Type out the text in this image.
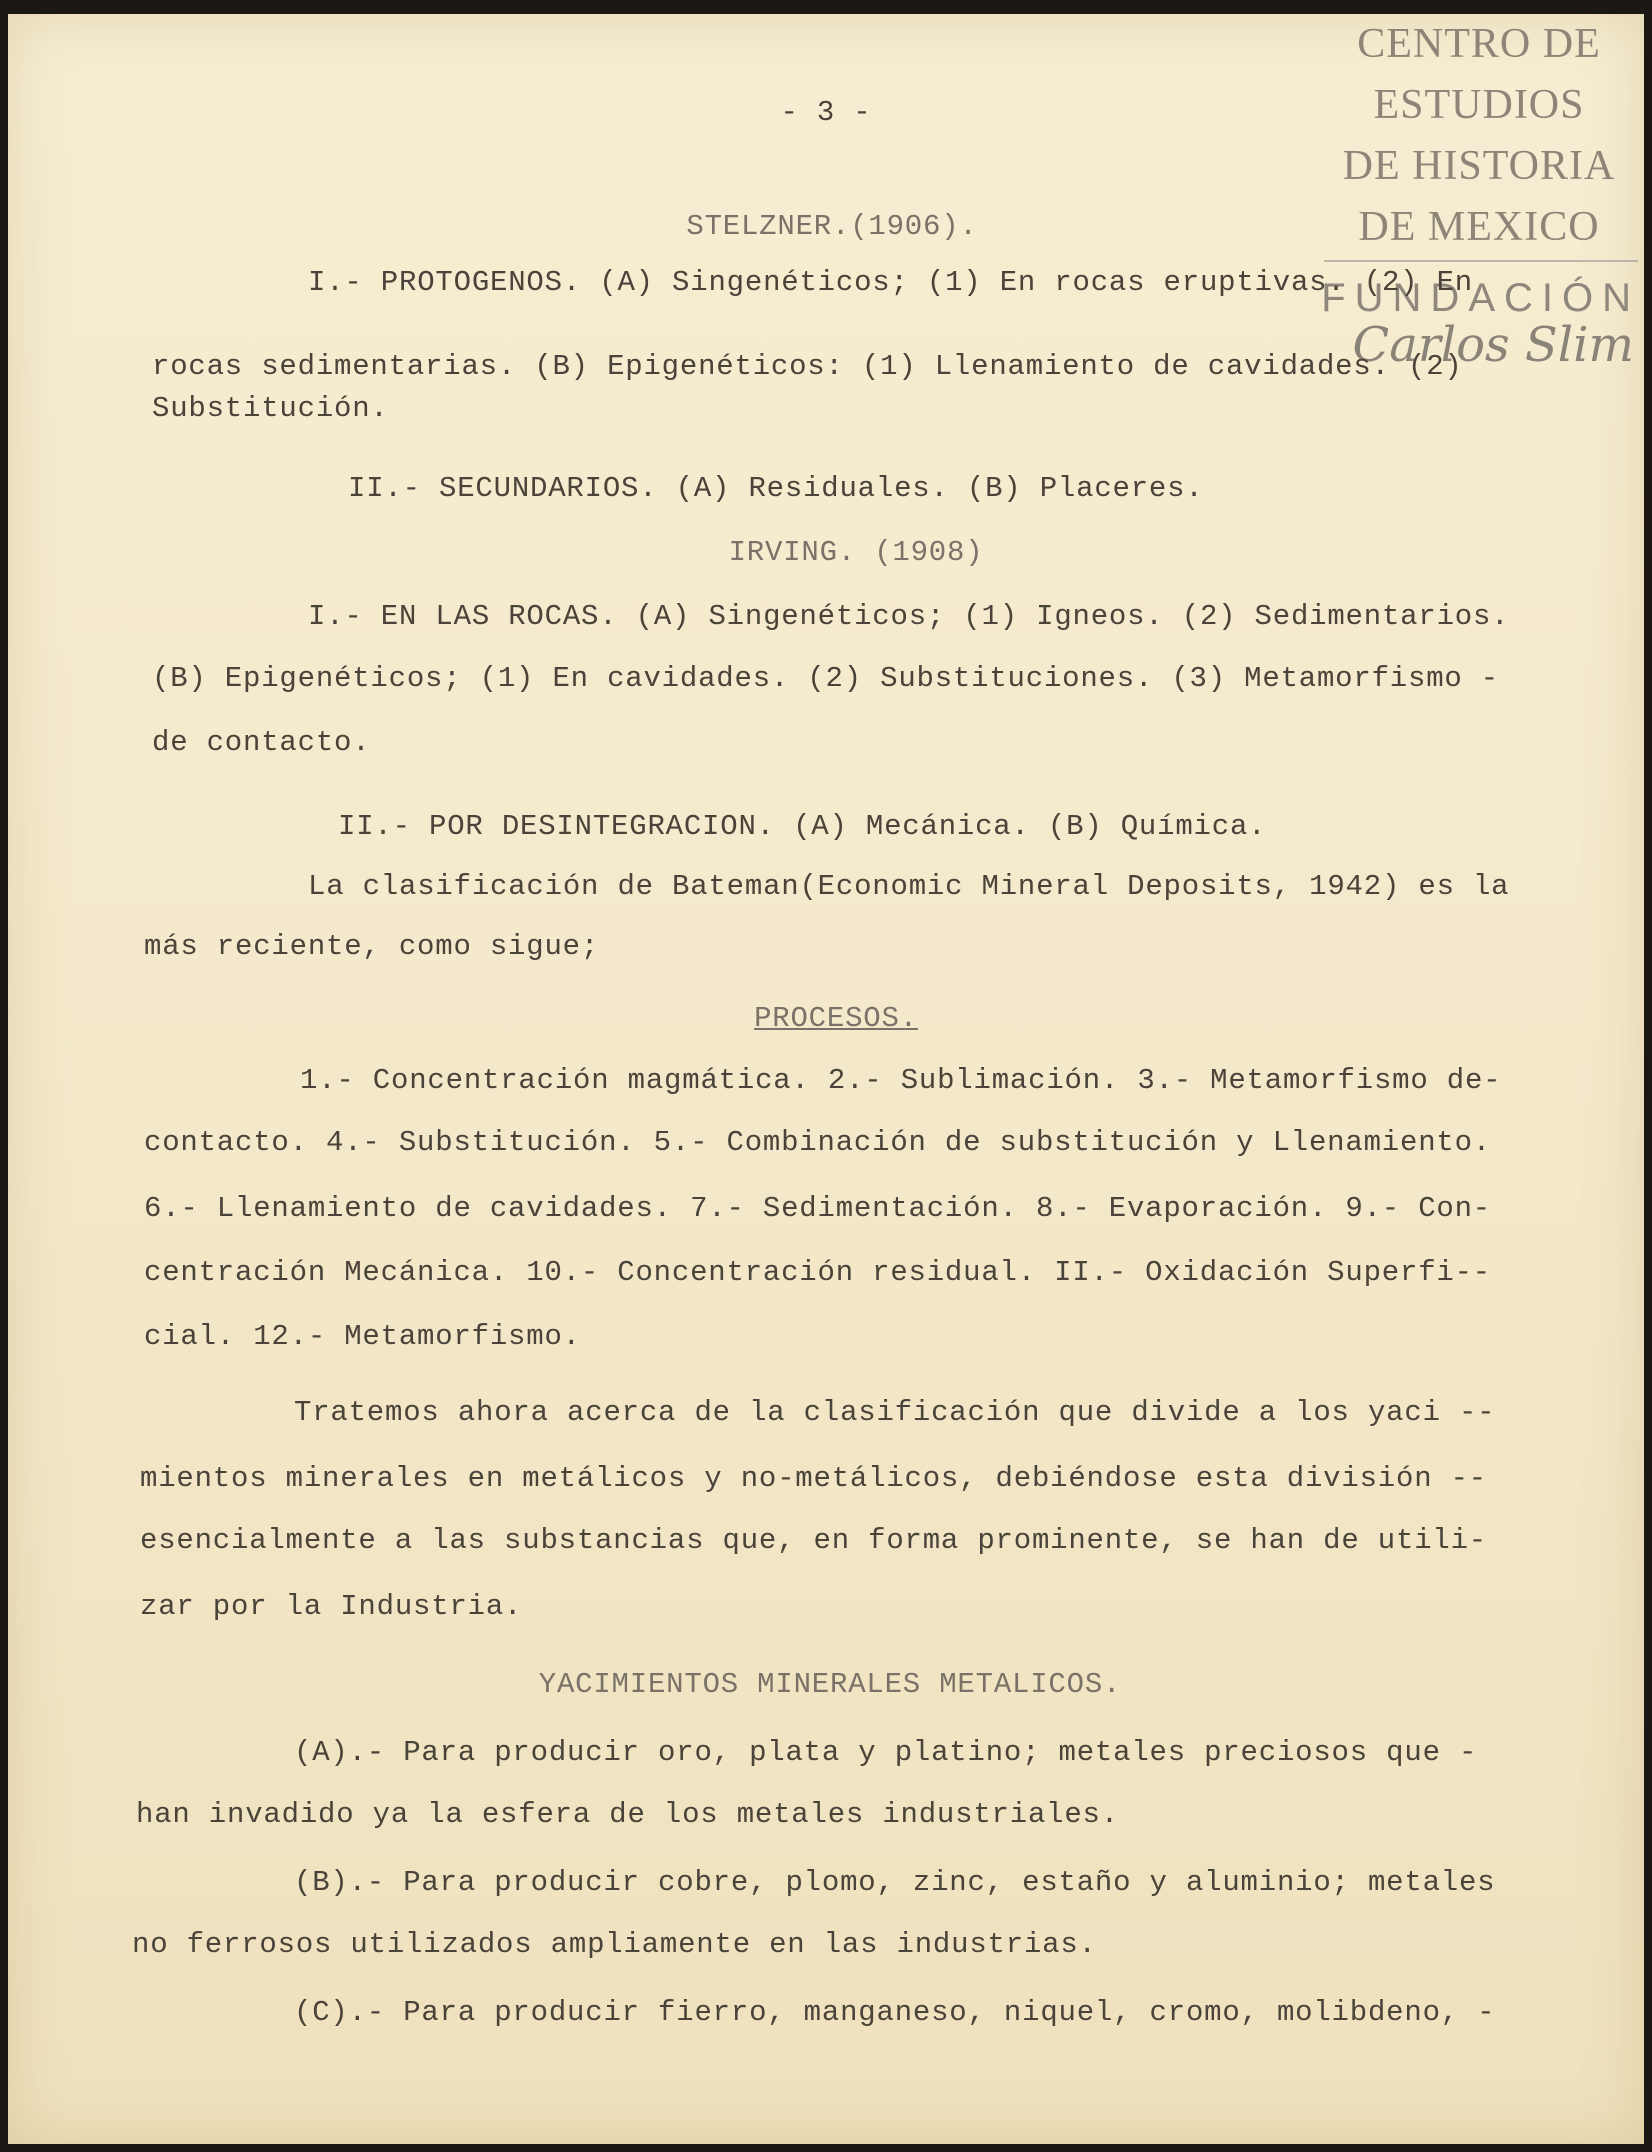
CENTRO DE
ESTUDIOS
DE HISTORIA
DE MEXICO
FUNDACIÓN
Carlos Slim
- 3 -
STELZNER.(1906).
I.- PROTOGENOS. (A) Singenéticos; (1) En rocas eruptivas. (2) En
rocas sedimentarias. (B) Epigenéticos: (1) Llenamiento de cavidades. (2)
Substitución.
II.- SECUNDARIOS. (A) Residuales. (B) Placeres.
IRVING. (1908)
I.- EN LAS ROCAS. (A) Singenéticos; (1) Igneos. (2) Sedimentarios.
(B) Epigenéticos; (1) En cavidades. (2) Substituciones. (3) Metamorfismo -
de contacto.
II.- POR DESINTEGRACION. (A) Mecánica. (B) Química.
La clasificación de Bateman(Economic Mineral Deposits, 1942) es la
más reciente, como sigue;
PROCESOS.
1.- Concentración magmática. 2.- Sublimación. 3.- Metamorfismo de-
contacto. 4.- Substitución. 5.- Combinación de substitución y Llenamiento.
6.- Llenamiento de cavidades. 7.- Sedimentación. 8.- Evaporación. 9.- Con-
centración Mecánica. 10.- Concentración residual. II.- Oxidación Superfi--
cial. 12.- Metamorfismo.
Tratemos ahora acerca de la clasificación que divide a los yaci --
mientos minerales en metálicos y no-metálicos, debiéndose esta división --
esencialmente a las substancias que, en forma prominente, se han de utili-
zar por la Industria.
YACIMIENTOS MINERALES METALICOS.
(A).- Para producir oro, plata y platino; metales preciosos que -
han invadido ya la esfera de los metales industriales.
(B).- Para producir cobre, plomo, zinc, estaño y aluminio; metales
no ferrosos utilizados ampliamente en las industrias.
(C).- Para producir fierro, manganeso, niquel, cromo, molibdeno, -
